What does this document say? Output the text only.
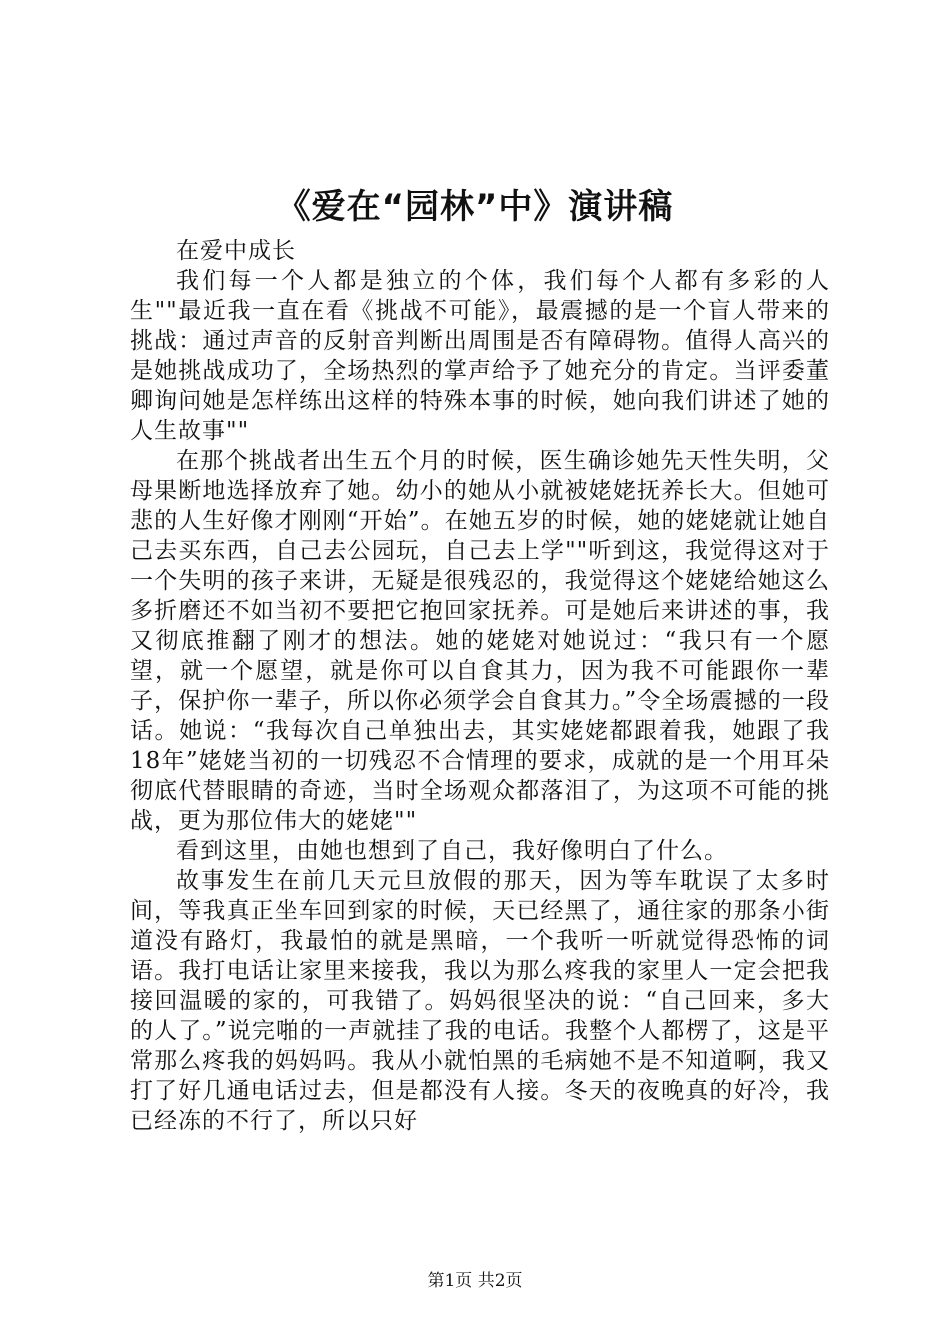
《爱在“园林”中》演讲稿

在爱中成长

我们每一个人都是独立的个体，我们每个人都有多彩的人生""最近我一直在看《挑战不可能》，最震撼的是一个盲人带来的挑战：通过声音的反射音判断出周围是否有障碍物。值得人高兴的是她挑战成功了，全场热烈的掌声给予了她充分的肯定。当评委董卿询问她是怎样练出这样的特殊本事的时候，她向我们讲述了她的人生故事""

在那个挑战者出生五个月的时候，医生确诊她先天性失明，父母果断地选择放弃了她。幼小的她从小就被姥姥抚养长大。但她可悲的人生好像才刚刚“开始”。在她五岁的时候，她的姥姥就让她自己去买东西，自己去公园玩，自己去上学""听到这，我觉得这对于一个失明的孩子来讲，无疑是很残忍的，我觉得这个姥姥给她这么多折磨还不如当初不要把它抱回家抚养。可是她后来讲述的事，我又彻底推翻了刚才的想法。她的姥姥对她说过：“我只有一个愿望，就一个愿望，就是你可以自食其力，因为我不可能跟你一辈子，保护你一辈子，所以你必须学会自食其力。”令全场震撼的一段话。她说：“我每次自己单独出去，其实姥姥都跟着我，她跟了我18年”姥姥当初的一切残忍不合情理的要求，成就的是一个用耳朵彻底代替眼睛的奇迹，当时全场观众都落泪了，为这项不可能的挑战，更为那位伟大的姥姥""

看到这里，由她也想到了自己，我好像明白了什么。

故事发生在前几天元旦放假的那天，因为等车耽误了太多时间，等我真正坐车回到家的时候，天已经黑了，通往家的那条小街道没有路灯，我最怕的就是黑暗，一个我听一听就觉得恐怖的词语。我打电话让家里来接我，我以为那么疼我的家里人一定会把我接回温暖的家的，可我错了。妈妈很坚决的说：“自己回来，多大的人了。”说完啪的一声就挂了我的电话。我整个人都楞了，这是平常那么疼我的妈妈吗。我从小就怕黑的毛病她不是不知道啊，我又打了好几通电话过去，但是都没有人接。冬天的夜晚真的好冷，我已经冻的不行了，所以只好

第1页 共2页
